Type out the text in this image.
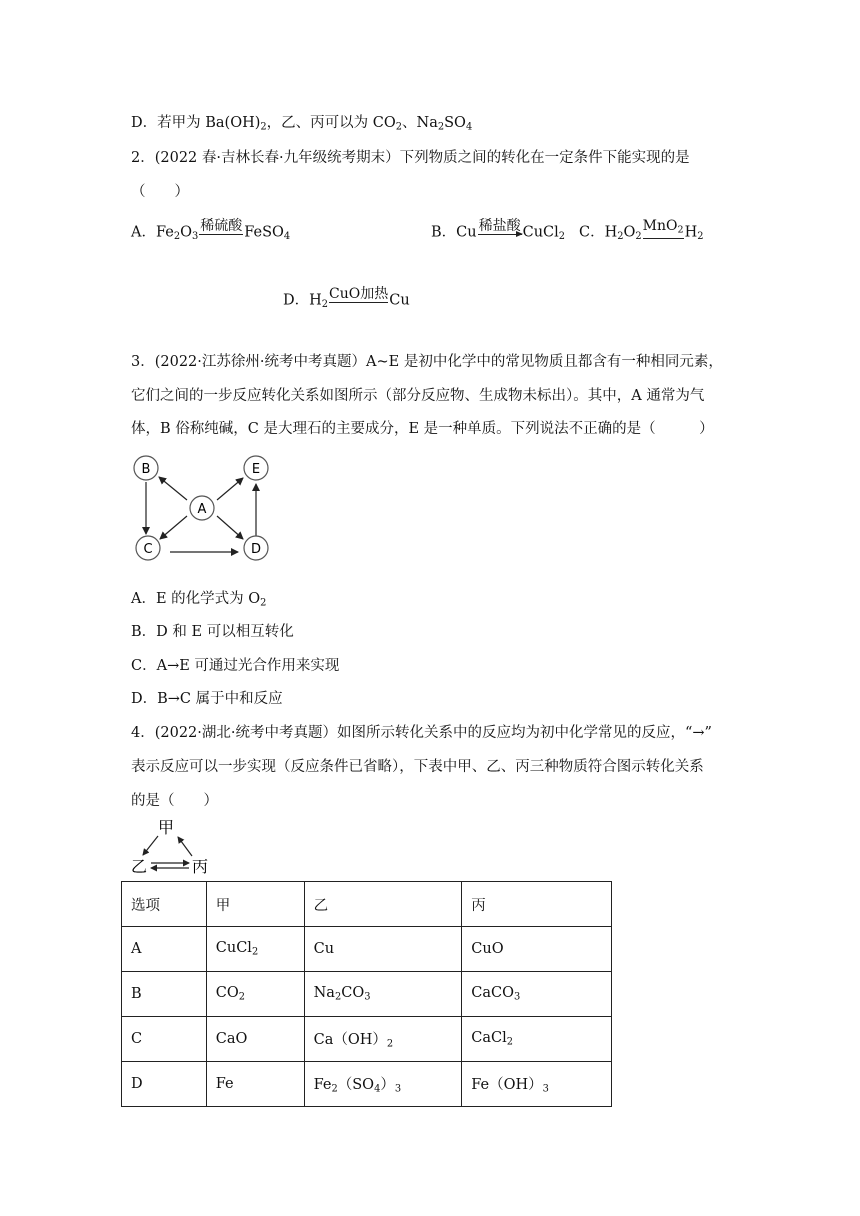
D．若甲为 $Ba(OH)_2$，乙、丙可以为 $CO_2$、$Na_2SO_4$
2．(2022 春·吉林长春·九年级统考期末）下列物质之间的转化在一定条件下能实现的是
（　　）
A．$Fe_2O_3$
稀硫酸 FeSO$_4$	B．Cu 稀盐酸 CuCl$_2$ C．$H_2O_2$
MnO$_2$ $H_2$
D．$H_2$
CuO加热 Cu
3．(2022·江苏徐州·统考中考真题）A~E 是初中化学中的常见物质且都含有一种相同元素，
它们之间的一步反应转化关系如图所示（部分反应物、生成物未标出）。其中，A 通常为气
体，B 俗称纯碱，C 是大理石的主要成分，E 是一种单质。下列说法不正确的是（　　　）
B	E
A
C	D
A．E 的化学式为 $O_2$
B．D 和 E 可以相互转化
C．A→E 可通过光合作用来实现
D．B→C 属于中和反应
4．(2022·湖北·统考中考真题）如图所示转化关系中的反应均为初中化学常见的反应，“→”
表示反应可以一步实现（反应条件已省略），下表中甲、乙、丙三种物质符合图示转化关系
的是（　　）
甲
乙	丙
选项	甲	乙	丙
A	CuCl$_2$	Cu	CuO
B	$CO_2$	$Na_2CO_3$	CaCO$_3$
C	CaO	$Ca(OH)_2$	CaCl$_2$
D	Fe	$Fe_2(SO_4)_3$	$Fe(OH)_3$
